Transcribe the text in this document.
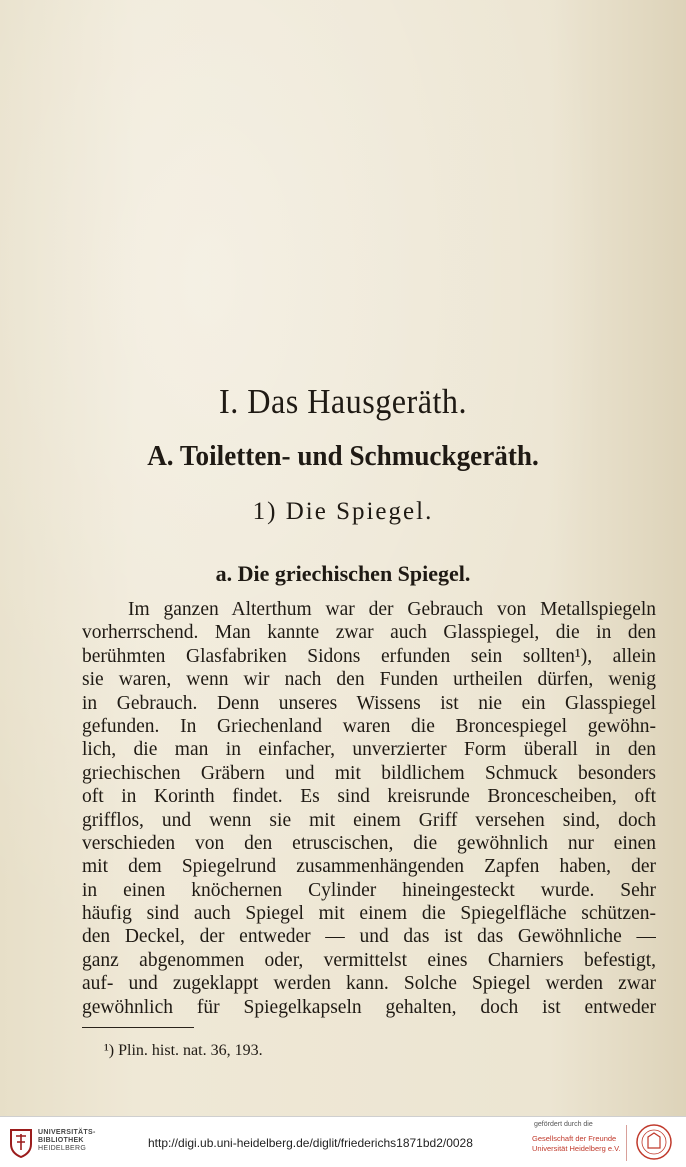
I. Das Hausgeräth.
A. Toiletten- und Schmuckgeräth.
1) Die Spiegel.
a. Die griechischen Spiegel.
Im ganzen Alterthum war der Gebrauch von Metallspiegeln
vorherrschend. Man kannte zwar auch Glasspiegel, die in den
berühmten Glasfabriken Sidons erfunden sein sollten¹), allein
sie waren, wenn wir nach den Funden urtheilen dürfen, wenig
in Gebrauch. Denn unseres Wissens ist nie ein Glasspiegel
gefunden. In Griechenland waren die Broncespiegel gewöhn-
lich, die man in einfacher, unverzierter Form überall in den
griechischen Gräbern und mit bildlichem Schmuck besonders
oft in Korinth findet. Es sind kreisrunde Broncescheiben, oft
grifflos, und wenn sie mit einem Griff versehen sind, doch
verschieden von den etruscischen, die gewöhnlich nur einen
mit dem Spiegelrund zusammenhängenden Zapfen haben, der
in einen knöchernen Cylinder hineingesteckt wurde. Sehr
häufig sind auch Spiegel mit einem die Spiegelfläche schützen-
den Deckel, der entweder — und das ist das Gewöhnliche —
ganz abgenommen oder, vermittelst eines Charniers befestigt,
auf- und zugeklappt werden kann. Solche Spiegel werden zwar
gewöhnlich für Spiegelkapseln gehalten, doch ist entweder
¹) Plin. hist. nat. 36, 193.
UNIVERSITÄTS-
BIBLIOTHEK
HEIDELBERG	http://digi.ub.uni-heidelberg.de/diglit/friederichs1871bd2/0028
gefördert durch die
Gesellschaft der Freunde
Universität Heidelberg e.V.
